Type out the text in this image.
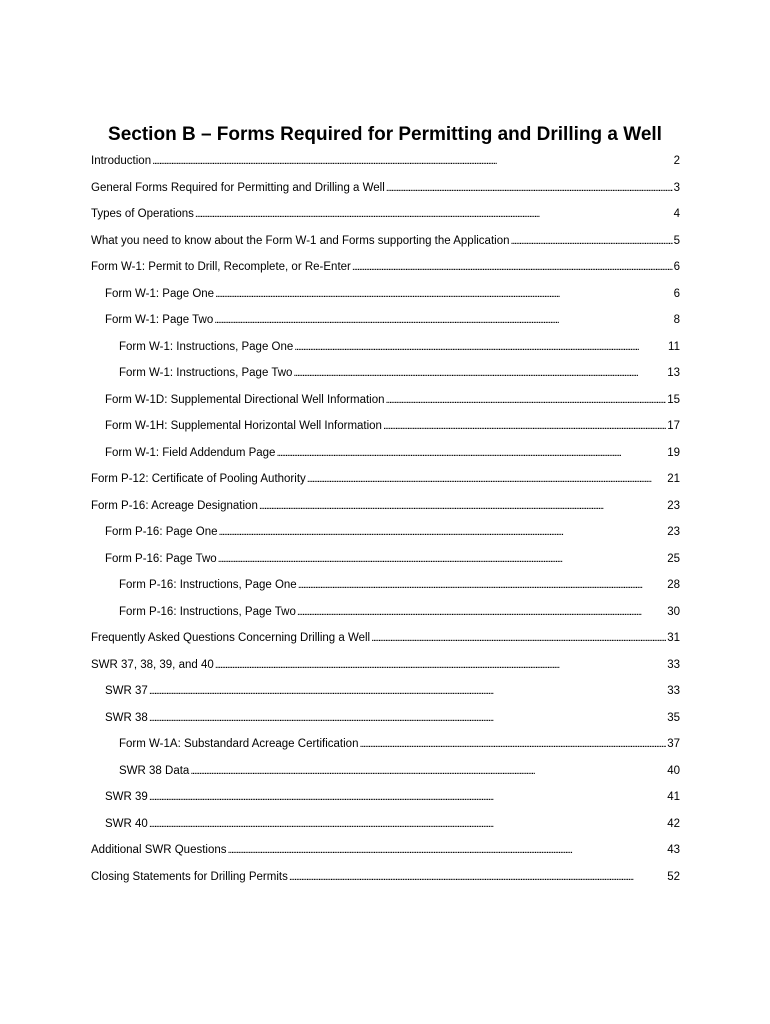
Section B – Forms Required for Permitting and Drilling a Well
Introduction . . .	2
General Forms Required for Permitting and Drilling a Well . . .	3
Types of Operations . . .	4
What you need to know about the Form W-1 and Forms supporting the Application . . .	5
Form W-1: Permit to Drill, Recomplete, or Re-Enter . . .	6
Form W-1: Page One . . .	6
Form W-1: Page Two . . .	8
Form W-1: Instructions, Page One . . .	11
Form W-1: Instructions, Page Two . . .	13
Form W-1D: Supplemental Directional Well Information . . .	15
Form W-1H: Supplemental Horizontal Well Information . . .	17
Form W-1: Field Addendum Page . . .	19
Form P-12: Certificate of Pooling Authority . . .	21
Form P-16: Acreage Designation . . .	23
Form P-16: Page One . . .	23
Form P-16: Page Two . . .	25
Form P-16: Instructions, Page One . . .	28
Form P-16: Instructions, Page Two . . .	30
Frequently Asked Questions Concerning Drilling a Well . . .	31
SWR 37, 38, 39, and 40 . . .	33
SWR 37 . . .	33
SWR 38 . . .	35
Form W-1A: Substandard Acreage Certification . . .	37
SWR 38 Data . . .	40
SWR 39 . . .	41
SWR 40 . . .	42
Additional SWR Questions . . .	43
Closing Statements for Drilling Permits . . .	52
